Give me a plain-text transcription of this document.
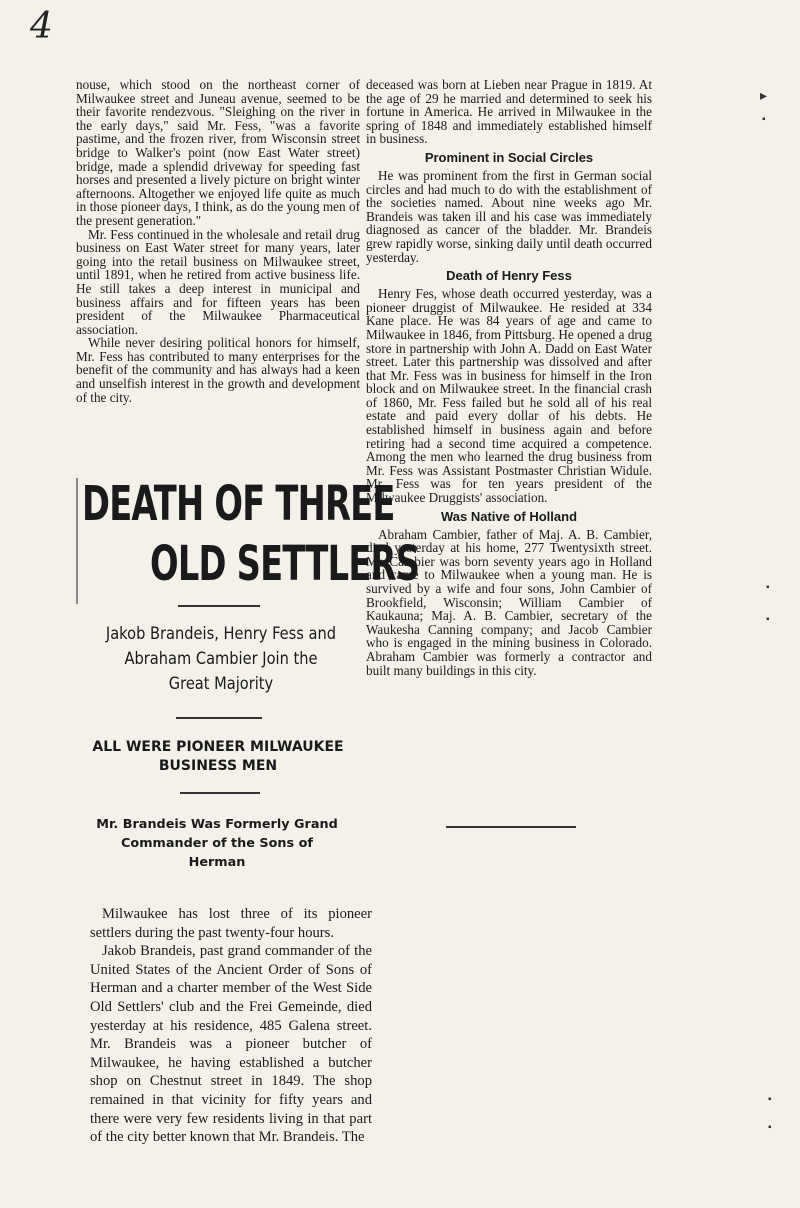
4

nouse, which stood on the northeast corner of Milwaukee street and Juneau avenue, seemed to be their favorite rendezvous. "Sleighing on the river in the early days," said Mr. Fess, "was a favorite pastime, and the frozen river, from Wisconsin street bridge to Walker's point (now East Water street) bridge, made a splendid driveway for speeding fast horses and presented a lively picture on bright winter afternoons. Altogether we enjoyed life quite as much in those pioneer days, I think, as do the young men of the present generation."

Mr. Fess continued in the wholesale and retail drug business on East Water street for many years, later going into the retail business on Milwaukee street, until 1891, when he retired from active business life. He still takes a deep interest in municipal and business affairs and for fifteen years has been president of the Milwaukee Pharmaceutical association.

While never desiring political honors for himself, Mr. Fess has contributed to many enterprises for the benefit of the community and has always had a keen and unselfish interest in the growth and development of the city.

DEATH OF THREE
OLD SETTLERS
Jakob Brandeis, Henry Fess and
Abraham Cambier Join the
Great Majority
ALL WERE PIONEER MILWAUKEE
BUSINESS MEN
Mr. Brandeis Was Formerly Grand
Commander of the Sons of
Herman

Milwaukee has lost three of its pioneer settlers during the past twenty-four hours.

Jakob Brandeis, past grand commander of the United States of the Ancient Order of Sons of Herman and a charter member of the West Side Old Settlers' club and the Frei Gemeinde, died yesterday at his residence, 485 Galena street. Mr. Brandeis was a pioneer butcher of Milwaukee, he having established a butcher shop on Chestnut street in 1849. The shop remained in that vicinity for fifty years and there were very few residents living in that part of the city better known that Mr. Brandeis. The

deceased was born at Lieben near Prague in 1819. At the age of 29 he married and determined to seek his fortune in America. He arrived in Milwaukee in the spring of 1848 and immediately established himself in business.

Prominent in Social Circles

He was prominent from the first in German social circles and had much to do with the establishment of the societies named. About nine weeks ago Mr. Brandeis was taken ill and his case was immediately diagnosed as cancer of the bladder. Mr. Brandeis grew rapidly worse, sinking daily until death occurred yesterday.

Death of Henry Fess

Henry Fes, whose death occurred yesterday, was a pioneer druggist of Milwaukee. He resided at 334 Kane place. He was 84 years of age and came to Milwaukee in 1846, from Pittsburg. He opened a drug store in partnership with John A. Dadd on East Water street. Later this partnership was dissolved and after that Mr. Fess was in business for himself in the Iron block and on Milwaukee street. In the financial crash of 1860, Mr. Fess failed but he sold all of his real estate and paid every dollar of his debts. He established himself in business again and before retiring had a second time acquired a competence. Among the men who learned the drug business from Mr. Fess was Assistant Postmaster Christian Widule. Mr. Fess was for ten years president of the Milwaukee Druggists' association.

Was Native of Holland

Abraham Cambier, father of Maj. A. B. Cambier, died yesterday at his home, 277 Twentysixth street. Mr. Cambier was born seventy years ago in Holland and came to Milwaukee when a young man. He is survived by a wife and four sons, John Cambier of Brookfield, Wisconsin; William Cambier of Kaukauna; Maj. A. B. Cambier, secretary of the Waukesha Canning company; and Jacob Cambier who is engaged in the mining business in Colorado. Abraham Cambier was formerly a contractor and built many buildings in this city.

▸
▪
▪
▪
▪
▪
